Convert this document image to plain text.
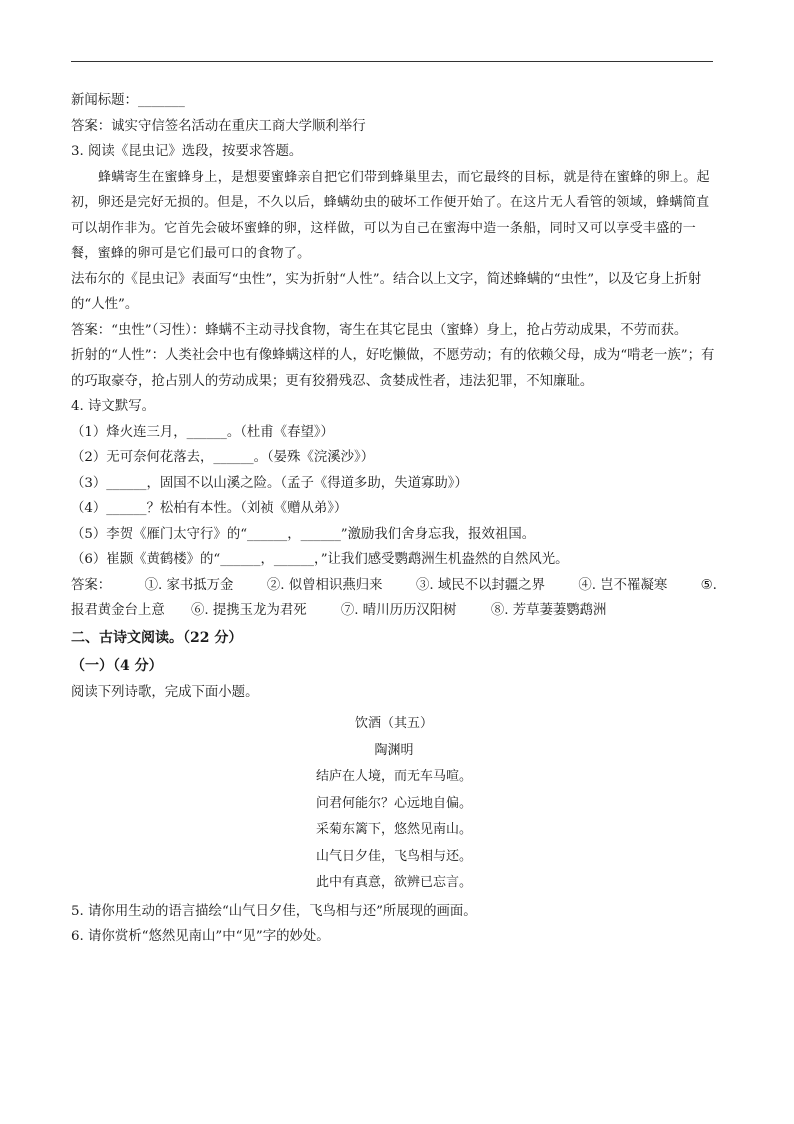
新闻标题：_______

答案：诚实守信签名活动在重庆工商大学顺利举行

3. 阅读《昆虫记》选段，按要求答题。

蜂螨寄生在蜜蜂身上，是想要蜜蜂亲自把它们带到蜂巢里去，而它最终的目标，就是待在蜜蜂的卵上。起初，卵还是完好无损的。但是，不久以后，蜂螨幼虫的破坏工作便开始了。在这片无人看管的领域，蜂螨简直可以胡作非为。它首先会破坏蜜蜂的卵，这样做，可以为自己在蜜海中造一条船，同时又可以享受丰盛的一餐，蜜蜂的卵可是它们最可口的食物了。

法布尔的《昆虫记》表面写“虫性”，实为折射“人性”。结合以上文字，简述蜂螨的“虫性”，以及它身上折射的“人性”。

答案：“虫性”（习性）：蜂螨不主动寻找食物，寄生在其它昆虫（蜜蜂）身上，抢占劳动成果，不劳而获。

折射的“人性”：人类社会中也有像蜂螨这样的人，好吃懒做，不愿劳动；有的依赖父母，成为“啃老一族”；有的巧取豪夺，抢占别人的劳动成果；更有狡猾残忍、贪婪成性者，违法犯罪，不知廉耻。

4. 诗文默写。

（1）烽火连三月，______。（杜甫《春望》）

（2）无可奈何花落去，______。（晏殊《浣溪沙》）

（3）______，固国不以山溪之险。（孟子《得道多助，失道寡助》）

（4）______？松柏有本性。（刘祯《赠从弟》）

（5）李贺《雁门太守行》的“______，______”激励我们舍身忘我，报效祖国。

（6）崔颢《黄鹤楼》的“______，______，”让我们感受鹦鹉洲生机盎然的自然风光。

答案： ①. 家书抵万金 ②. 似曾相识燕归来 ③. 域民不以封疆之界 ④. 岂不罹凝寒 ⑤.
报君黄金台上意 ⑥. 提携玉龙为君死	⑦. 晴川历历汉阳树	⑧. 芳草萋萋鹦鹉洲

二、古诗文阅读。（22 分）

（一）（4 分）

阅读下列诗歌，完成下面小题。

饮酒（其五）
陶渊明
结庐在人境，而无车马喧。
问君何能尔？心远地自偏。
采菊东篱下，悠然见南山。
山气日夕佳，飞鸟相与还。
此中有真意，欲辨已忘言。

5. 请你用生动的语言描绘“山气日夕佳，飞鸟相与还”所展现的画面。

6. 请你赏析“悠然见南山”中“见”字的妙处。
